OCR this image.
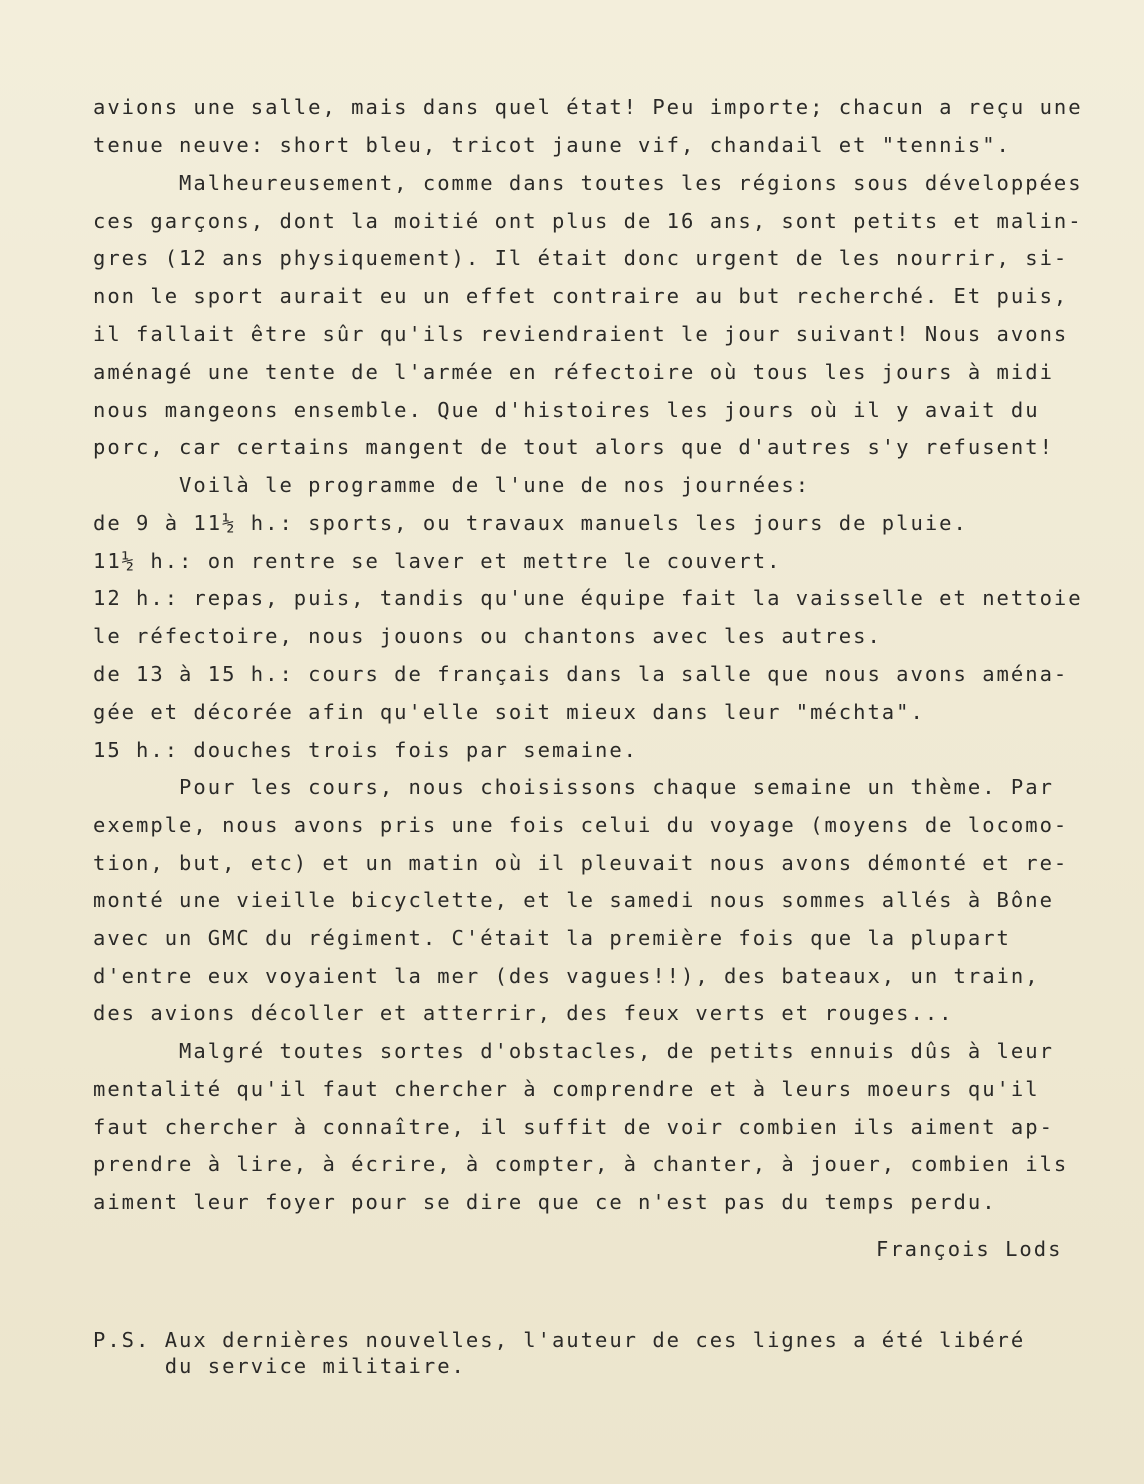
avions une salle, mais dans quel état! Peu importe; chacun a reçu une

tenue neuve: short bleu, tricot jaune vif, chandail et "tennis".

Malheureusement, comme dans toutes les régions sous développées

ces garçons, dont la moitié ont plus de 16 ans, sont petits et malin-

gres (12 ans physiquement). Il était donc urgent de les nourrir, si-

non le sport aurait eu un effet contraire au but recherché. Et puis,

il fallait être sûr qu'ils reviendraient le jour suivant! Nous avons

aménagé une tente de l'armée en réfectoire où tous les jours à midi

nous mangeons ensemble. Que d'histoires les jours où il y avait du

porc, car certains mangent de tout alors que d'autres s'y refusent!

Voilà le programme de l'une de nos journées:

de 9 à 11½ h.: sports, ou travaux manuels les jours de pluie.

11½ h.: on rentre se laver et mettre le couvert.

12 h.: repas, puis, tandis qu'une équipe fait la vaisselle et nettoie

le réfectoire, nous jouons ou chantons avec les autres.

de 13 à 15 h.: cours de français dans la salle que nous avons aména-

gée et décorée afin qu'elle soit mieux dans leur "méchta".

15 h.: douches trois fois par semaine.

Pour les cours, nous choisissons chaque semaine un thème. Par

exemple, nous avons pris une fois celui du voyage (moyens de locomo-

tion, but, etc) et un matin où il pleuvait nous avons démonté et re-

monté une vieille bicyclette, et le samedi nous sommes allés à Bône

avec un GMC du régiment. C'était la première fois que la plupart

d'entre eux voyaient la mer (des vagues!!), des bateaux, un train,

des avions décoller et atterrir, des feux verts et rouges...

Malgré toutes sortes d'obstacles, de petits ennuis dûs à leur

mentalité qu'il faut chercher à comprendre et à leurs moeurs qu'il

faut chercher à connaître, il suffit de voir combien ils aiment ap-

prendre à lire, à écrire, à compter, à chanter, à jouer, combien ils

aiment leur foyer pour se dire que ce n'est pas du temps perdu.

François Lods

P.S. Aux dernières nouvelles, l'auteur de ces lignes a été libéré

du service militaire.
